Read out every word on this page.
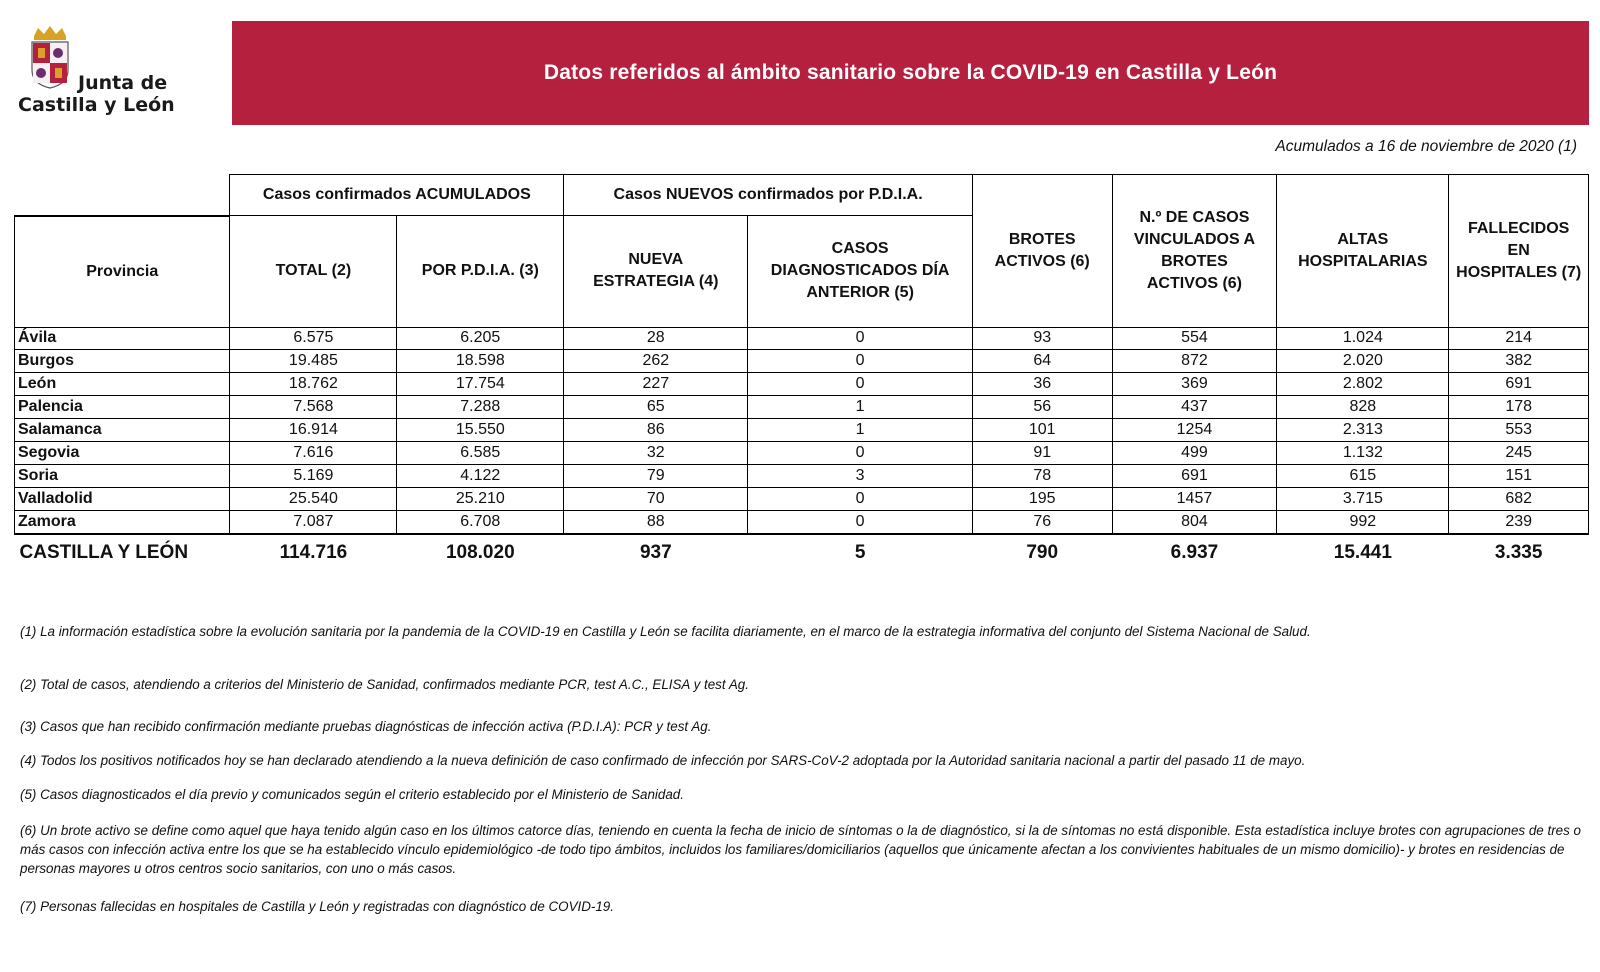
Junta de
Castilla y León
Datos referidos al ámbito sanitario sobre la COVID-19 en Castilla y León
Acumulados a 16 de noviembre de 2020 (1)
	Casos confirmados ACUMULADOS		Casos NUEVOS confirmados por P.D.I.A.		BROTES ACTIVOS (6)	N.º DE CASOS VINCULADOS A BROTES ACTIVOS (6)	ALTAS HOSPITALARIAS	FALLECIDOS EN HOSPITALES (7)
Provincia	TOTAL (2)	POR P.D.I.A. (3)	NUEVA ESTRATEGIA (4)	CASOS DIAGNOSTICADOS DÍA ANTERIOR (5)				
Ávila	6.575	6.205	28	0	93	554	1.024	214
Burgos	19.485	18.598	262	0	64	872	2.020	382
León	18.762	17.754	227	0	36	369	2.802	691
Palencia	7.568	7.288	65	1	56	437	828	178
Salamanca	16.914	15.550	86	1	101	1254	2.313	553
Segovia	7.616	6.585	32	0	91	499	1.132	245
Soria	5.169	4.122	79	3	78	691	615	151
Valladolid	25.540	25.210	70	0	195	1457	3.715	682
Zamora	7.087	6.708	88	0	76	804	992	239
CASTILLA Y LEÓN	114.716	108.020	937	5	790	6.937	15.441	3.335
(1) La información estadística sobre la evolución sanitaria por la pandemia de la COVID-19 en Castilla y León se facilita diariamente, en el marco de la estrategia informativa del conjunto del Sistema Nacional de Salud.
(2) Total de casos, atendiendo a criterios del Ministerio de Sanidad, confirmados mediante PCR, test A.C., ELISA y test Ag.
(3) Casos que han recibido confirmación mediante pruebas diagnósticas de infección activa (P.D.I.A): PCR y test Ag.
(4) Todos los positivos notificados hoy se han declarado atendiendo a la nueva definición de caso confirmado de infección por SARS-CoV-2 adoptada por la Autoridad sanitaria nacional a partir del pasado 11 de mayo.
(5) Casos diagnosticados el día previo y comunicados según el criterio establecido por el Ministerio de Sanidad.
(6) Un brote activo se define como aquel que haya tenido algún caso en los últimos catorce días, teniendo en cuenta la fecha de inicio de síntomas o la de diagnóstico, si la de síntomas no está disponible. Esta estadística incluye brotes con agrupaciones de tres o más casos con infección activa entre los que se ha establecido vínculo epidemiológico -de todo tipo ámbitos, incluidos los familiares/domiciliarios (aquellos que únicamente afectan a los convivientes habituales de un mismo domicilio)- y brotes en residencias de personas mayores u otros centros socio sanitarios, con uno o más casos.
(7) Personas fallecidas en hospitales de Castilla y León y registradas con diagnóstico de COVID-19.
